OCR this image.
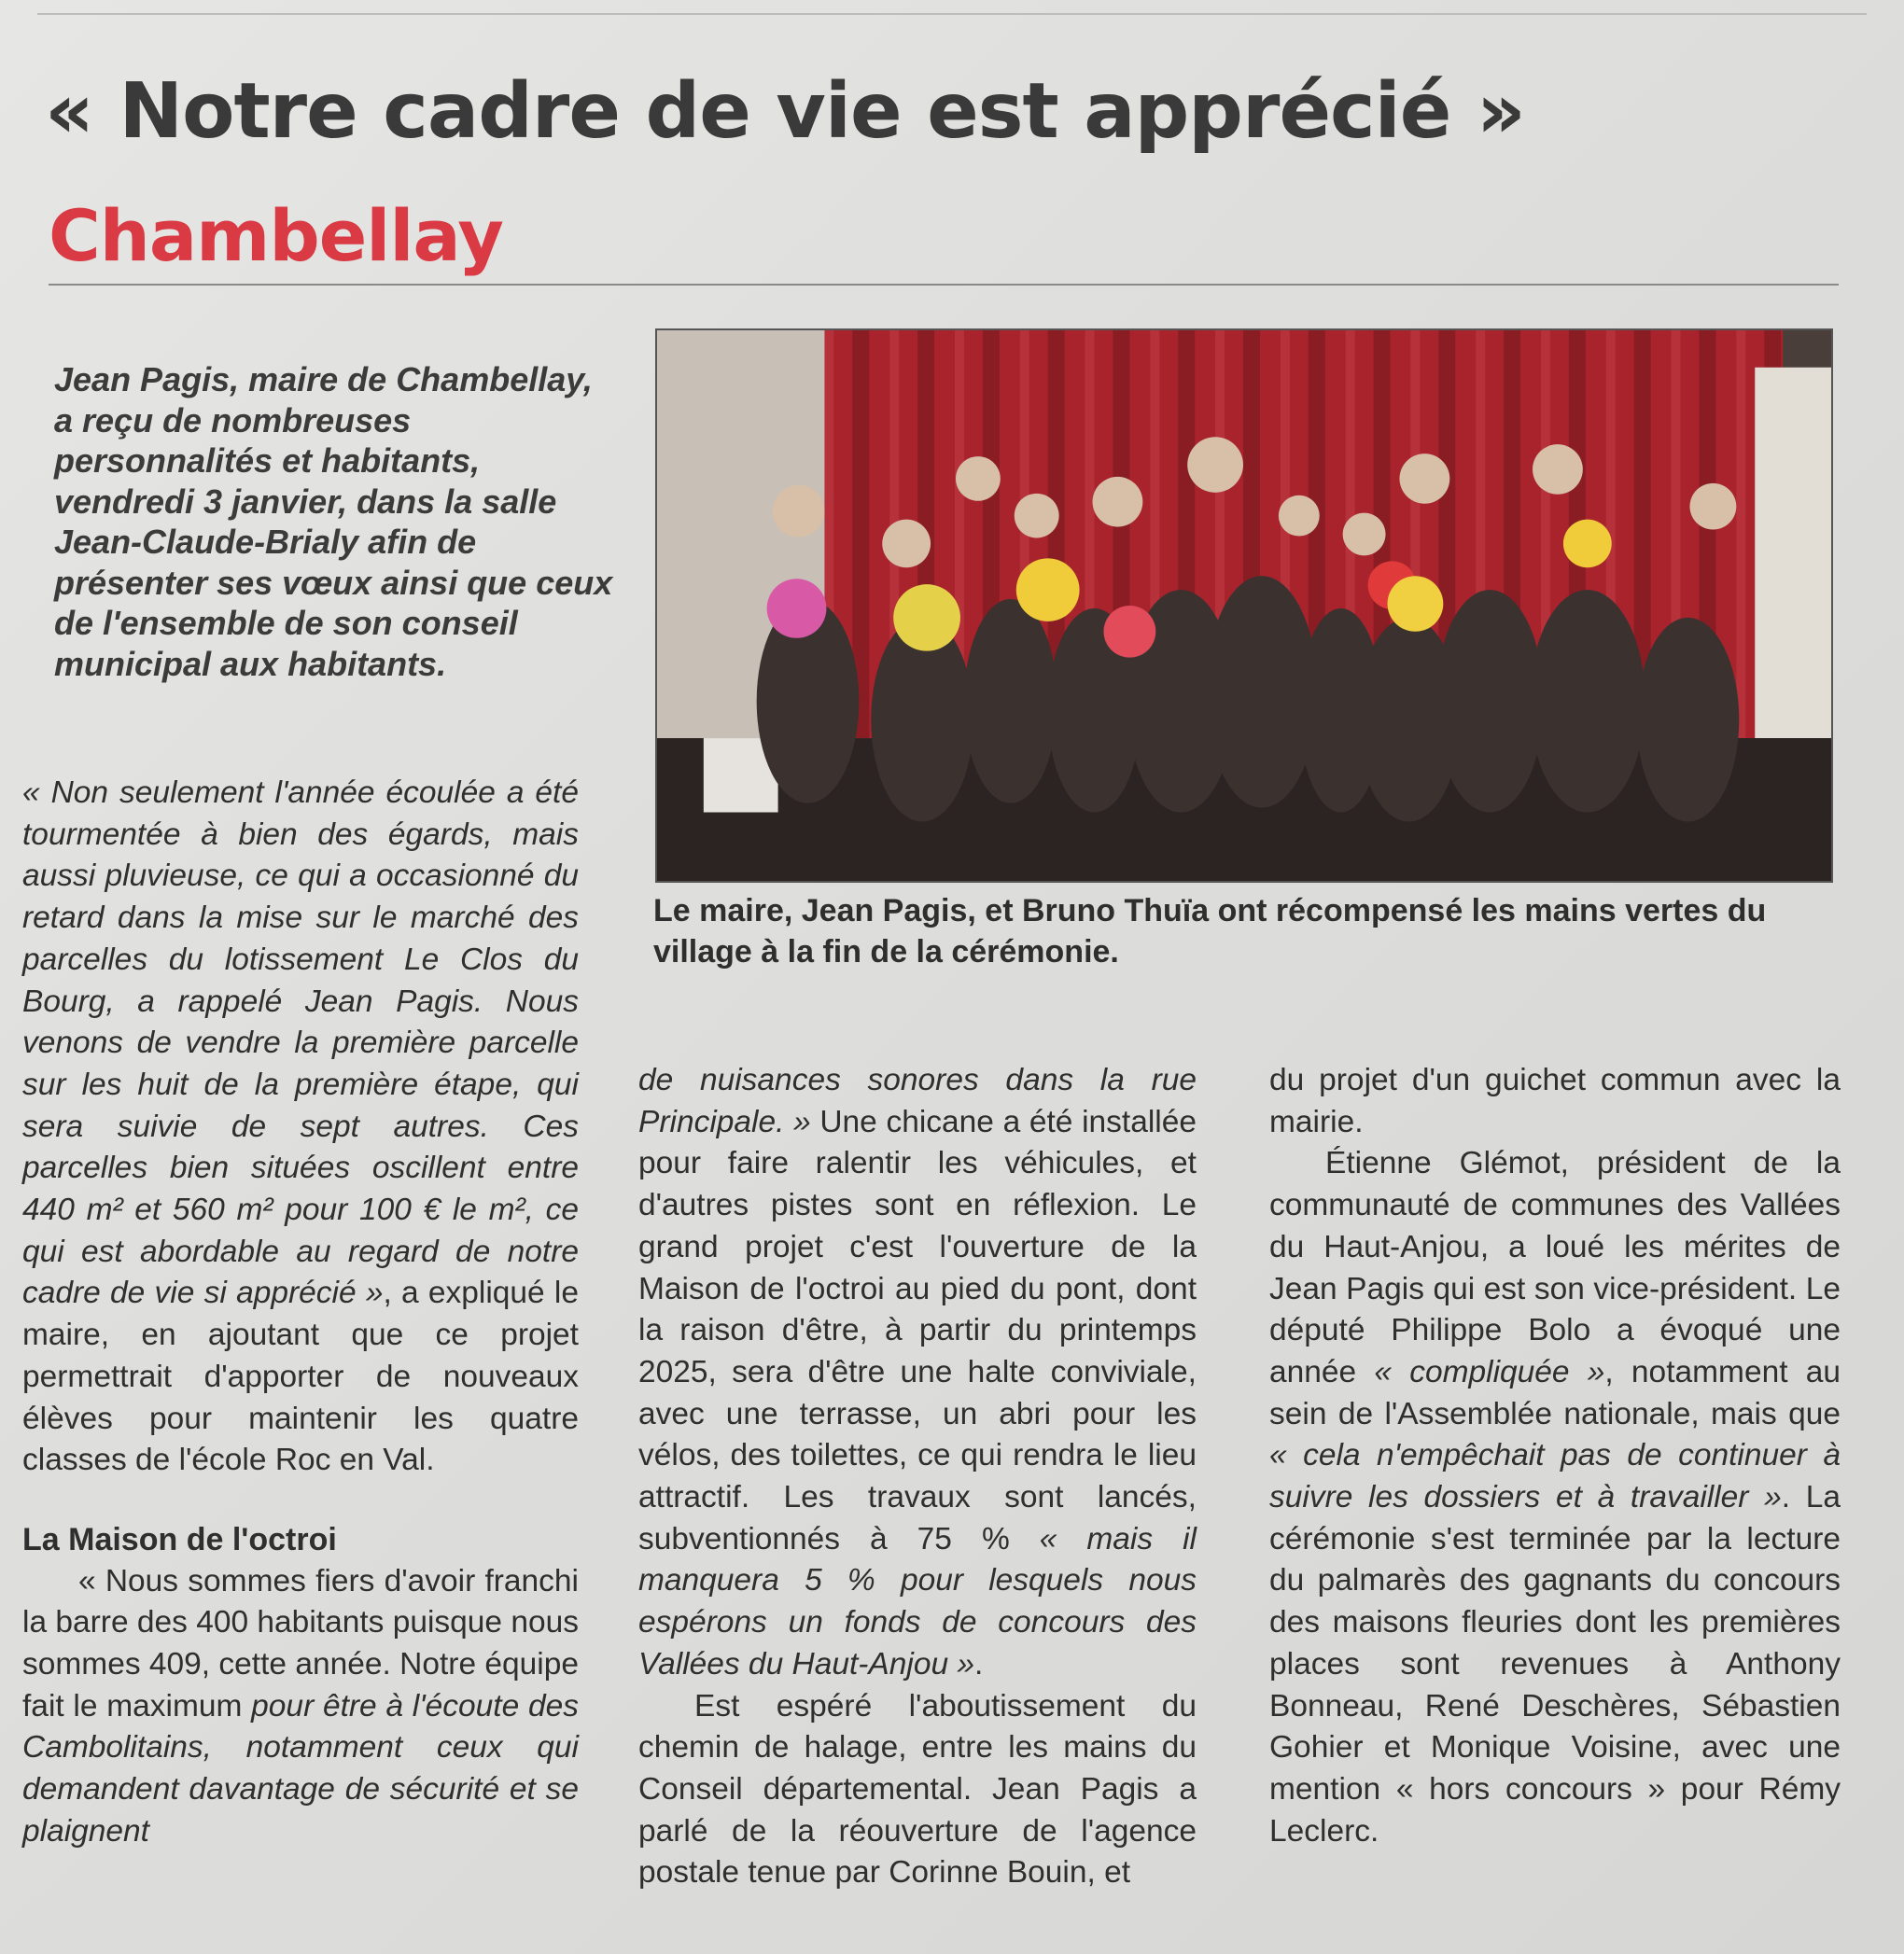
« Notre cadre de vie est apprécié »
Chambellay

Jean Pagis, maire de Chambellay, a reçu de nombreuses personnalités et habitants, vendredi 3 janvier, dans la salle Jean-Claude-Brialy afin de présenter ses vœux ainsi que ceux de l'ensemble de son conseil municipal aux habitants.

Le maire, Jean Pagis, et Bruno Thuïa ont récompensé les mains vertes du village à la fin de la cérémonie.

« Non seulement l'année écoulée a été tourmentée à bien des égards, mais aussi pluvieuse, ce qui a occasionné du retard dans la mise sur le marché des parcelles du lotissement Le Clos du Bourg, a rappelé Jean Pagis. Nous venons de vendre la première parcelle sur les huit de la première étape, qui sera suivie de sept autres. Ces parcelles bien situées oscillent entre 440 m² et 560 m² pour 100 € le m², ce qui est abordable au regard de notre cadre de vie si apprécié », a expliqué le maire, en ajoutant que ce projet permettrait d'apporter de nouveaux élèves pour maintenir les quatre classes de l'école Roc en Val.

La Maison de l'octroi

« Nous sommes fiers d'avoir franchi la barre des 400 habitants puisque nous sommes 409, cette année. Notre équipe fait le maximum pour être à l'écoute des Cambolitains, notamment ceux qui demandent davantage de sécurité et se plaignent

de nuisances sonores dans la rue Principale. » Une chicane a été installée pour faire ralentir les véhicules, et d'autres pistes sont en réflexion. Le grand projet c'est l'ouverture de la Maison de l'octroi au pied du pont, dont la raison d'être, à partir du printemps 2025, sera d'être une halte conviviale, avec une terrasse, un abri pour les vélos, des toilettes, ce qui rendra le lieu attractif. Les travaux sont lancés, subventionnés à 75 % « mais il manquera 5 % pour lesquels nous espérons un fonds de concours des Vallées du Haut-Anjou ».

Est espéré l'aboutissement du chemin de halage, entre les mains du Conseil départemental. Jean Pagis a parlé de la réouverture de l'agence postale tenue par Corinne Bouin, et

du projet d'un guichet commun avec la mairie.

Étienne Glémot, président de la communauté de communes des Vallées du Haut-Anjou, a loué les mérites de Jean Pagis qui est son vice-président. Le député Philippe Bolo a évoqué une année « compliquée », notamment au sein de l'Assemblée nationale, mais que « cela n'empêchait pas de continuer à suivre les dossiers et à travailler ». La cérémonie s'est terminée par la lecture du palmarès des gagnants du concours des maisons fleuries dont les premières places sont revenues à Anthony Bonneau, René Deschères, Sébastien Gohier et Monique Voisine, avec une mention « hors concours » pour Rémy Leclerc.
